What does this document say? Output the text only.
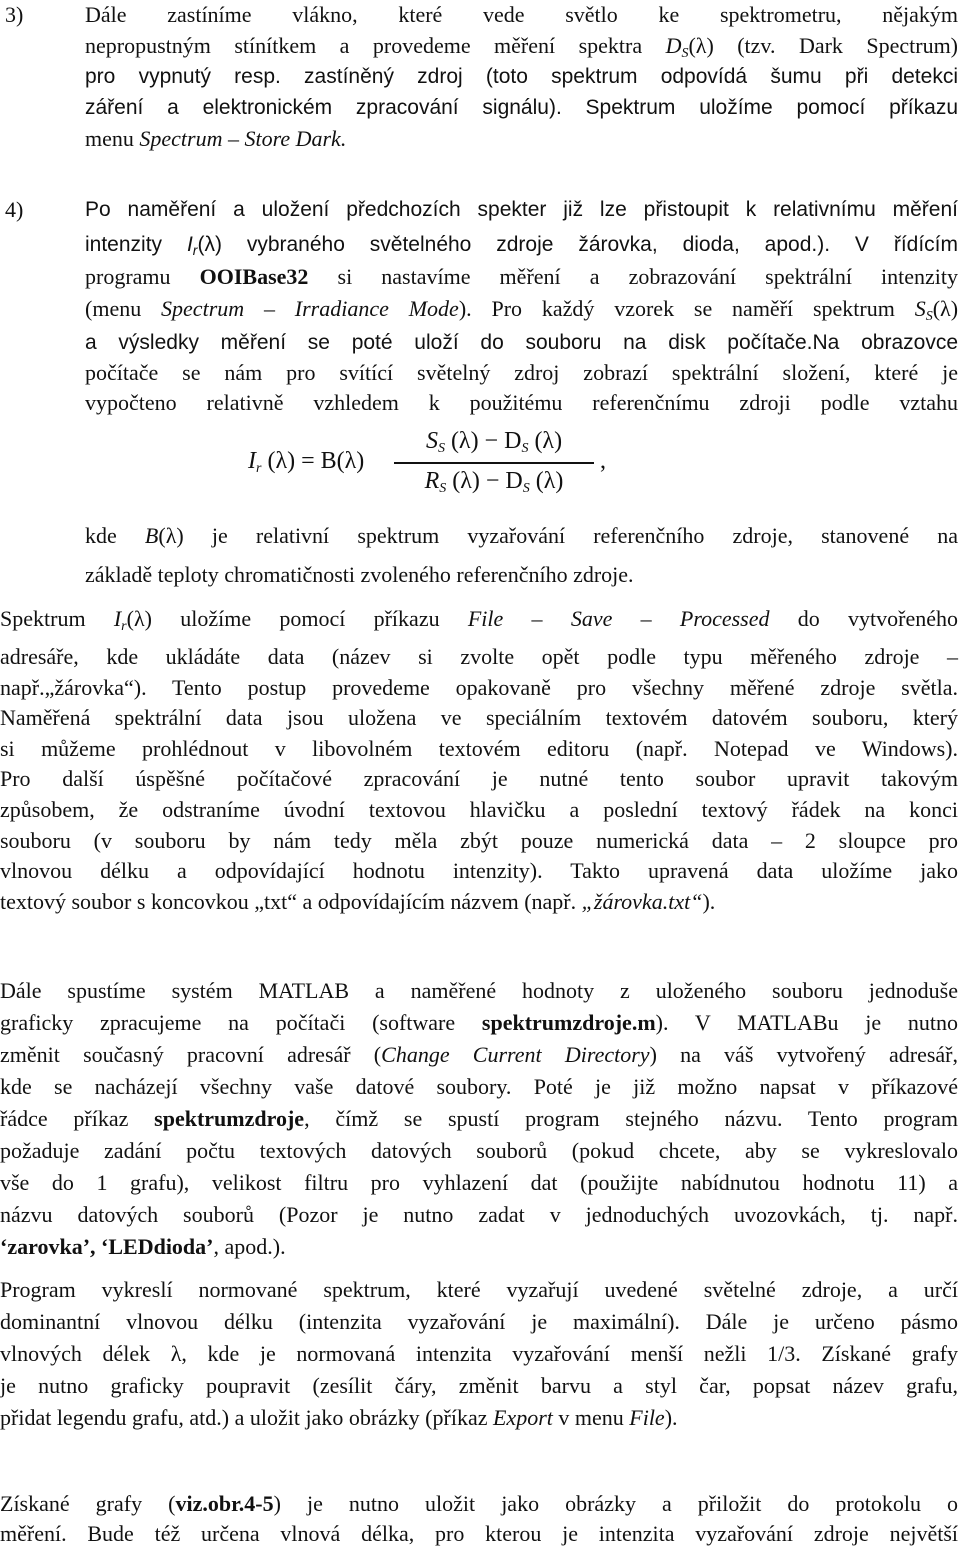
3)	Dále zastíníme vlákno, které vede světlo ke spektrometru, nějakým
nepropustným stínítkem a provedeme měření spektra $D_S(\lambda)$ (tzv. Dark Spectrum)
pro vypnutý resp. zastíněný zdroj (toto spektrum odpovídá šumu při detekci
záření a elektronickém zpracování signálu). Spektrum uložíme pomocí příkazu
menu Spectrum – Store Dark.
4)	Po naměření a uložení předchozích spekter již lze přistoupit k relativnímu měření
intenzity $I_r(\lambda)$ vybraného světelného zdroje žárovka, dioda, apod.). V řídícím
programu OOIBase32 si nastavíme měření a zobrazování spektrální intenzity
(menu Spectrum – Irradiance Mode). Pro každý vzorek se naměří spektrum $S_S(\lambda)$
a výsledky měření se poté uloží do souboru na disk počítače.Na obrazovce
počítače se nám pro svítící světelný zdroj zobrazí spektrální složení, které je
vypočteno relativně vzhledem k použitému referenčnímu zdroji podle vztahu
$I_r$ (λ) = B(λ)
$S_S$ $(\lambda) - D_S$ (λ)
$R_S$ $(\lambda) - D_S$ (λ)
,
kde B(λ) je relativní spektrum vyzařování referenčního zdroje, stanovené na
základě teploty chromatičnosti zvoleného referenčního zdroje.
Spektrum $I_r(\lambda)$ uložíme pomocí příkazu File – Save – Processed do vytvořeného
adresáře, kde ukládáte data (název si zvolte opět podle typu měřeného zdroje –
např.„žárovka“). Tento postup provedeme opakovaně pro všechny měřené zdroje světla.
Naměřená spektrální data jsou uložena ve speciálním textovém datovém souboru, který
si můžeme prohlédnout v libovolném textovém editoru (např. Notepad ve Windows).
Pro další úspěšné počítačové zpracování je nutné tento soubor upravit takovým
způsobem, že odstraníme úvodní textovou hlavičku a poslední textový řádek na konci
souboru (v souboru by nám tedy měla zbýt pouze numerická data – 2 sloupce pro
vlnovou délku a odpovídající hodnotu intenzity). Takto upravená data uložíme jako
textový soubor s koncovkou „txt“ a odpovídajícím názvem (např. „žárovka.txt“).
Dále spustíme systém MATLAB a naměřené hodnoty z uloženého souboru jednoduše
graficky zpracujeme na počítači (software spektrumzdroje.m). V MATLABu je nutno
změnit současný pracovní adresář (Change Current Directory) na váš vytvořený adresář,
kde se nacházejí všechny vaše datové soubory. Poté je již možno napsat v příkazové
řádce příkaz spektrumzdroje, čímž se spustí program stejného názvu. Tento program
požaduje zadání počtu textových datových souborů (pokud chcete, aby se vykreslovalo
vše do 1 grafu), velikost filtru pro vyhlazení dat (použijte nabídnutou hodnotu 11) a
názvu datových souborů (Pozor je nutno zadat v jednoduchých uvozovkách, tj. např.
‘zarovka’, ‘LEDdioda’, apod.).
Program vykreslí normované spektrum, které vyzařují uvedené světelné zdroje, a určí
dominantní vlnovou délku (intenzita vyzařování je maximální). Dále je určeno pásmo
vlnových délek λ, kde je normovaná intenzita vyzařování menší nežli 1/3. Získané grafy
je nutno graficky poupravit (zesílit čáry, změnit barvu a styl čar, popsat název grafu,
přidat legendu grafu, atd.) a uložit jako obrázky (příkaz Export v menu File).
Získané grafy (viz.obr.4-5) je nutno uložit jako obrázky a přiložit do protokolu o
měření. Bude též určena vlnová délka, pro kterou je intenzita vyzařování zdroje největší
